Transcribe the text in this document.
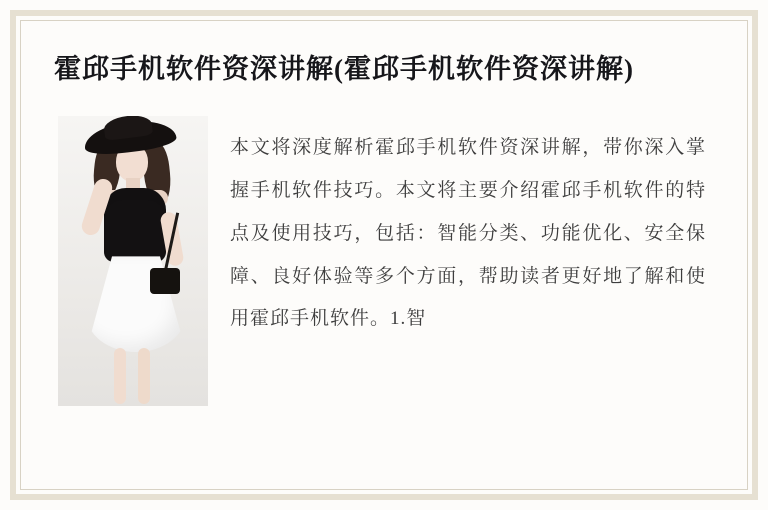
霍邱手机软件资深讲解(霍邱手机软件资深讲解)

本文将深度解析霍邱手机软件资深讲解，带你深入掌握手机软件技巧。本文将主要介绍霍邱手机软件的特点及使用技巧，包括：智能分类、功能优化、安全保障、良好体验等多个方面，帮助读者更好地了解和使用霍邱手机软件。1.智
